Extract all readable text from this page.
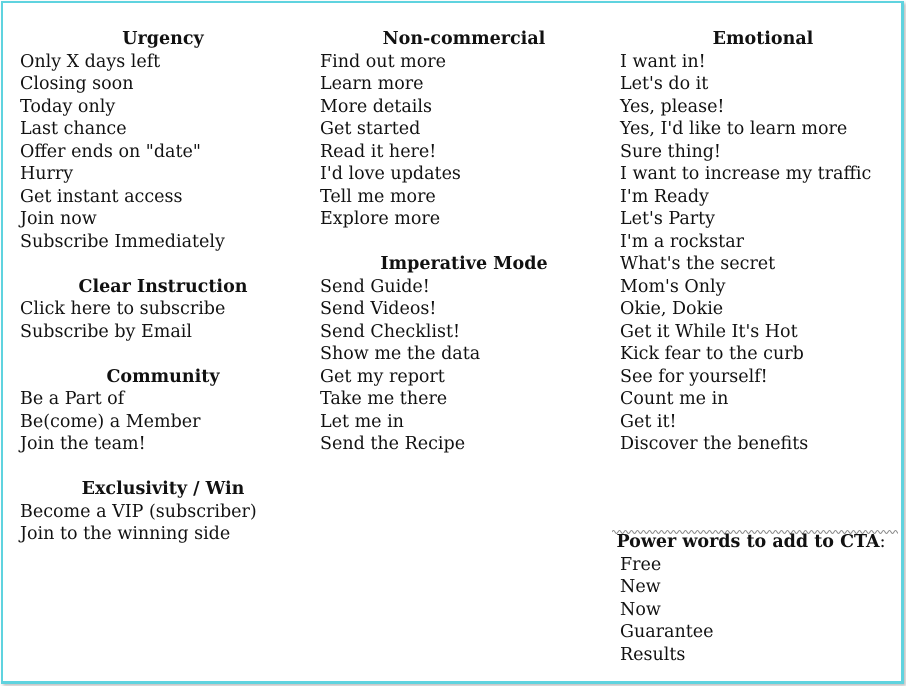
Urgency
Only X days left
Closing soon
Today only
Last chance
Offer ends on "date"
Hurry
Get instant access
Join now
Subscribe Immediately
Clear Instruction
Click here to subscribe
Subscribe by Email
Community
Be a Part of
Be(come) a Member
Join the team!
Exclusivity / Win
Become a VIP (subscriber)
Join to the winning side
Non-commercial
Find out more
Learn more
More details
Get started
Read it here!
I'd love updates
Tell me more
Explore more
Imperative Mode
Send Guide!
Send Videos!
Send Checklist!
Show me the data
Get my report
Take me there
Let me in
Send the Recipe
Emotional
I want in!
Let's do it
Yes, please!
Yes, I'd like to learn more
Sure thing!
I want to increase my traffic
I'm Ready
Let's Party
I'm a rockstar
What's the secret
Mom's Only
Okie, Dokie
Get it While It's Hot
Kick fear to the curb
See for yourself!
Count me in
Get it!
Discover the benefits
Power words to add to CTA:
Free
New
Now
Guarantee
Results
